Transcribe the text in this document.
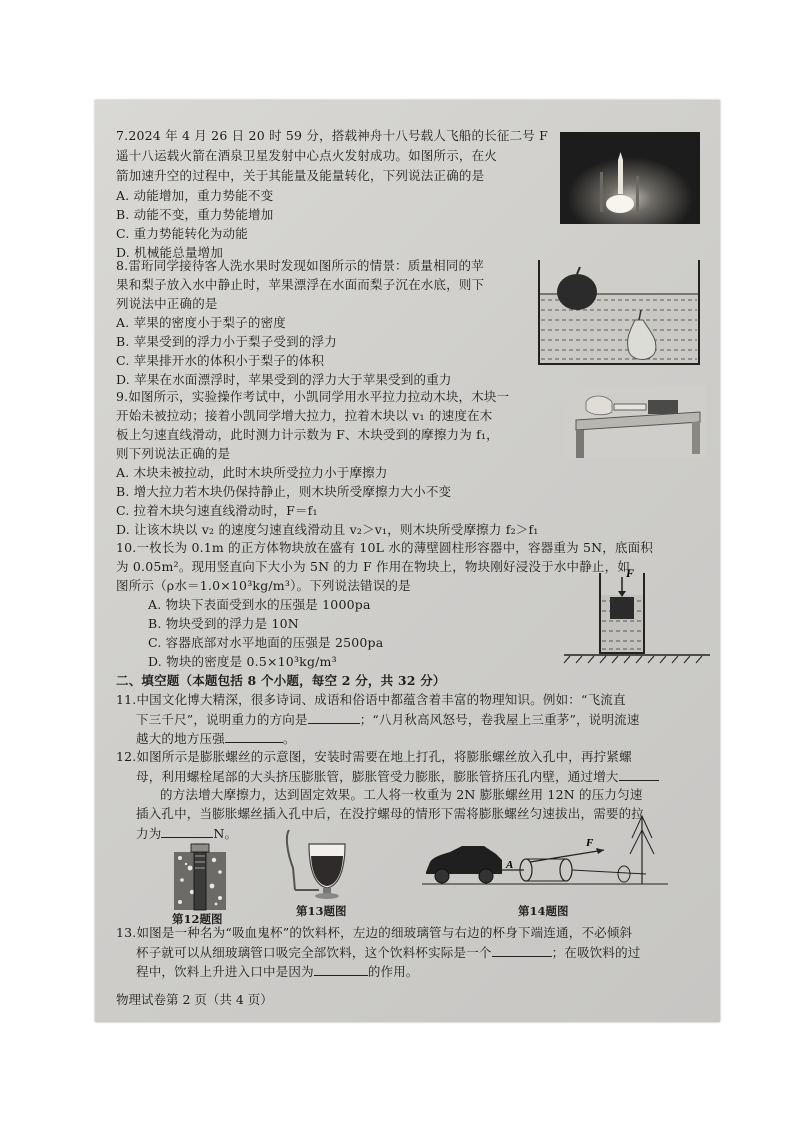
7.2024 年 4 月 26 日 20 时 59 分，搭载神舟十八号载人飞船的长征二号 F
遥十八运载火箭在酒泉卫星发射中心点火发射成功。如图所示，在火
箭加速升空的过程中，关于其能量及能量转化，下列说法正确的是
A. 动能增加，重力势能不变
B. 动能不变，重力势能增加
C. 重力势能转化为动能
D. 机械能总量增加
8.雷珩同学接待客人洗水果时发现如图所示的情景：质量相同的苹
果和梨子放入水中静止时，苹果漂浮在水面而梨子沉在水底，则下
列说法中正确的是
A. 苹果的密度小于梨子的密度
B. 苹果受到的浮力小于梨子受到的浮力
C. 苹果排开水的体积小于梨子的体积
D. 苹果在水面漂浮时，苹果受到的浮力大于苹果受到的重力
9.如图所示，实验操作考试中，小凯同学用水平拉力拉动木块，木块一
开始未被拉动；接着小凯同学增大拉力，拉着木块以 v₁ 的速度在木
板上匀速直线滑动，此时测力计示数为 F、木块受到的摩擦力为 f₁，
则下列说法正确的是
A. 木块未被拉动，此时木块所受拉力小于摩擦力
B. 增大拉力若木块仍保持静止，则木块所受摩擦力大小不变
C. 拉着木块匀速直线滑动时，F＝f₁
D. 让该木块以 v₂ 的速度匀速直线滑动且 v₂＞v₁，则木块所受摩擦力 f₂＞f₁
10.一枚长为 0.1m 的正方体物块放在盛有 10L 水的薄壁圆柱形容器中，容器重为 5N，底面积
为 0.05m²。现用竖直向下大小为 5N 的力 F 作用在物块上，物块刚好浸没于水中静止，如
图所示（ρ水＝1.0×10³kg/m³）。下列说法错误的是
A. 物块下表面受到水的压强是 1000pa
B. 物块受到的浮力是 10N
C. 容器底部对水平地面的压强是 2500pa
D. 物块的密度是 0.5×10³kg/m³
F
二、填空题（本题包括 8 个小题，每空 2 分，共 32 分）
11.中国文化博大精深，很多诗词、成语和俗语中都蕴含着丰富的物理知识。例如：“飞流直
下三千尺”，说明重力的方向是	；“八月秋高风怒号，卷我屋上三重茅”，说明流速
越大的地方压强	。
12.如图所示是膨胀螺丝的示意图，安装时需要在地上打孔，将膨胀螺丝放入孔中，再拧紧螺
母，利用螺栓尾部的大头挤压膨胀管，膨胀管受力膨胀，膨胀管挤压孔内壁，通过增大
的方法增大摩擦力，达到固定效果。工人将一枚重为 2N 膨胀螺丝用 12N 的压力匀速
插入孔中，当膨胀螺丝插入孔中后，在没拧螺母的情形下需将膨胀螺丝匀速拔出，需要的拉
力为	N。
第12题图
第13题图
A
F
第14题图
13.如图是一种名为“吸血鬼杯”的饮料杯，左边的细玻璃管与右边的杯身下端连通，不必倾斜
杯子就可以从细玻璃管口吸完全部饮料，这个饮料杯实际是一个	；在吸饮料的过
程中，饮料上升进入口中是因为	的作用。
物理试卷第 2 页（共 4 页）
